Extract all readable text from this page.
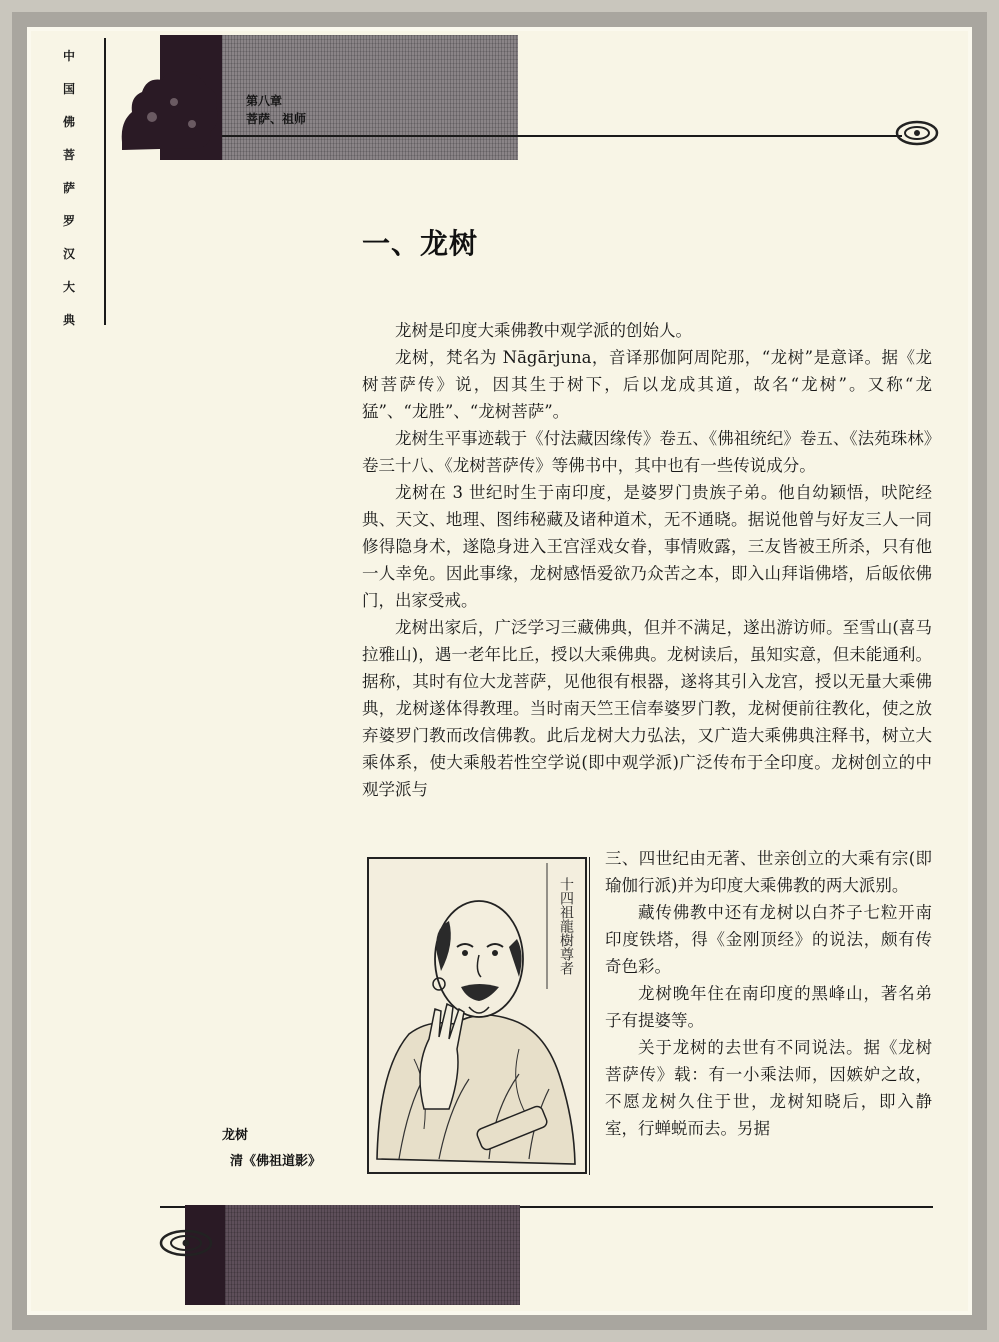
中国佛菩萨罗汉大典
第八章
菩萨、祖师
一、龙树

龙树是印度大乘佛教中观学派的创始人。

龙树，梵名为 Nāgārjuna，音译那伽阿周陀那，“龙树”是意译。据《龙树菩萨传》说，因其生于树下，后以龙成其道，故名“龙树”。又称“龙猛”、“龙胜”、“龙树菩萨”。

龙树生平事迹载于《付法藏因缘传》卷五、《佛祖统纪》卷五、《法苑珠林》卷三十八、《龙树菩萨传》等佛书中，其中也有一些传说成分。

龙树在 3 世纪时生于南印度，是婆罗门贵族子弟。他自幼颖悟，吠陀经典、天文、地理、图纬秘藏及诸种道术，无不通晓。据说他曾与好友三人一同修得隐身术，遂隐身进入王宫淫戏女眷，事情败露，三友皆被王所杀，只有他一人幸免。因此事缘，龙树感悟爱欲乃众苦之本，即入山拜诣佛塔，后皈依佛门，出家受戒。

龙树出家后，广泛学习三藏佛典，但并不满足，遂出游访师。至雪山(喜马拉雅山)，遇一老年比丘，授以大乘佛典。龙树读后，虽知实意，但未能通利。据称，其时有位大龙菩萨，见他很有根器，遂将其引入龙宫，授以无量大乘佛典，龙树遂体得教理。当时南天竺王信奉婆罗门教，龙树便前往教化，使之放弃婆罗门教而改信佛教。此后龙树大力弘法，又广造大乘佛典注释书，树立大乘体系，使大乘般若性空学说(即中观学派)广泛传布于全印度。龙树创立的中观学派与

三、四世纪由无著、世亲创立的大乘有宗(即瑜伽行派)并为印度大乘佛教的两大派别。

藏传佛教中还有龙树以白芥子七粒开南印度铁塔，得《金刚顶经》的说法，颇有传奇色彩。

龙树晚年住在南印度的黑峰山，著名弟子有提婆等。

关于龙树的去世有不同说法。据《龙树菩萨传》载：有一小乘法师，因嫉妒之故，不愿龙树久住于世，龙树知晓后，即入静室，行蝉蜕而去。另据

十四祖龍樹尊者
龙树
清《佛祖道影》
